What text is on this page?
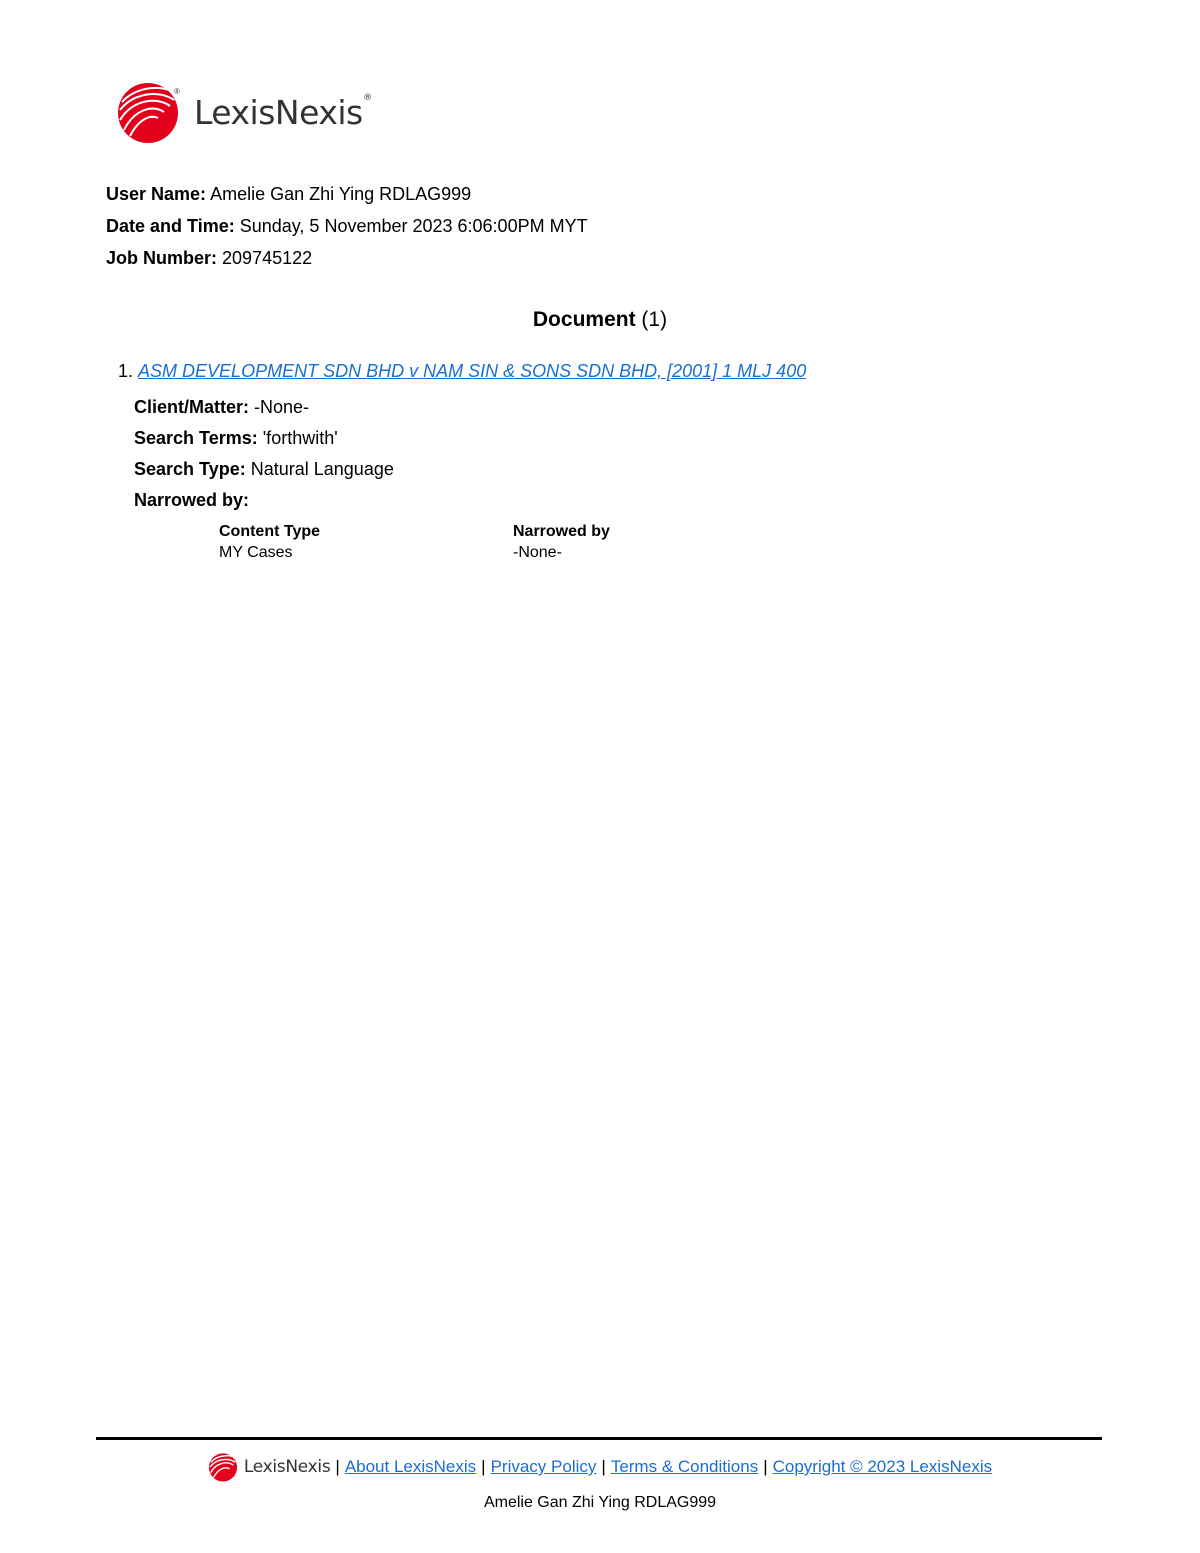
®
LexisNexis ®
User Name: Amelie Gan Zhi Ying RDLAG999
Date and Time: Sunday, 5 November 2023 6:06:00PM MYT
Job Number: 209745122
Document (1)
1. ASM DEVELOPMENT SDN BHD v NAM SIN & SONS SDN BHD, [2001] 1 MLJ 400
Client/Matter: -None-
Search Terms: 'forthwith'
Search Type: Natural Language
Narrowed by:
Content Type
MY Cases
Narrowed by
-None-
LexisNexis | About LexisNexis | Privacy Policy | Terms & Conditions | Copyright © 2023 LexisNexis
Amelie Gan Zhi Ying RDLAG999
